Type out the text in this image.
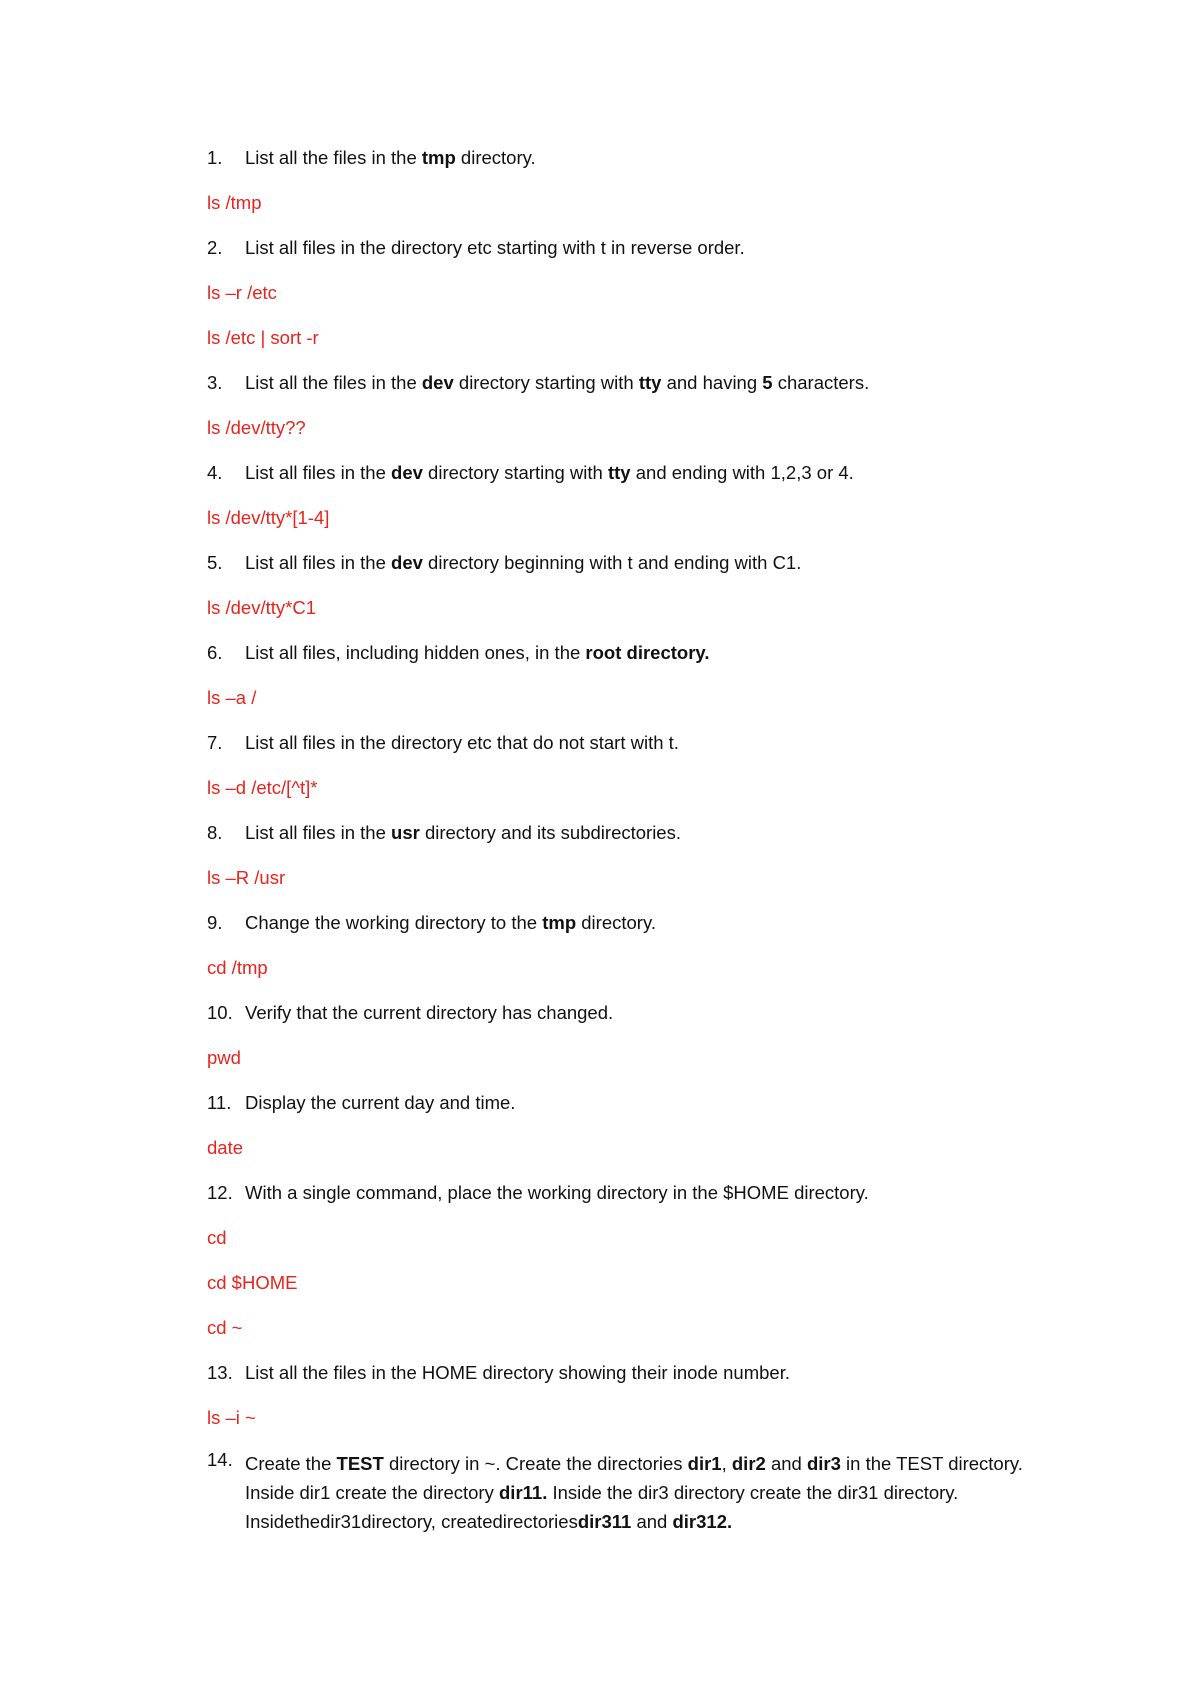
1. List all the files in the tmp directory.
ls /tmp
2. List all files in the directory etc starting with t in reverse order.
ls –r /etc
ls /etc | sort -r
3. List all the files in the dev directory starting with tty and having 5 characters.
ls /dev/tty??
4. List all files in the dev directory starting with tty and ending with 1,2,3 or 4.
ls /dev/tty*[1-4]
5. List all files in the dev directory beginning with t and ending with C1.
ls /dev/tty*C1
6. List all files, including hidden ones, in the root directory.
ls –a /
7. List all files in the directory etc that do not start with t.
ls –d /etc/[^t]*
8. List all files in the usr directory and its subdirectories.
ls –R /usr
9. Change the working directory to the tmp directory.
cd /tmp
10. Verify that the current directory has changed.
pwd
11. Display the current day and time.
date
12. With a single command, place the working directory in the $HOME directory.
cd
cd $HOME
cd ~
13. List all the files in the HOME directory showing their inode number.
ls –i ~
14. Create the TEST directory in ~. Create the directories dir1, dir2 and dir3 in the TEST directory. Inside dir1 create the directory dir11. Inside the dir3 directory create the dir31 directory. Insidethedir31directory, createdirectoriesdir311 and dir312.
